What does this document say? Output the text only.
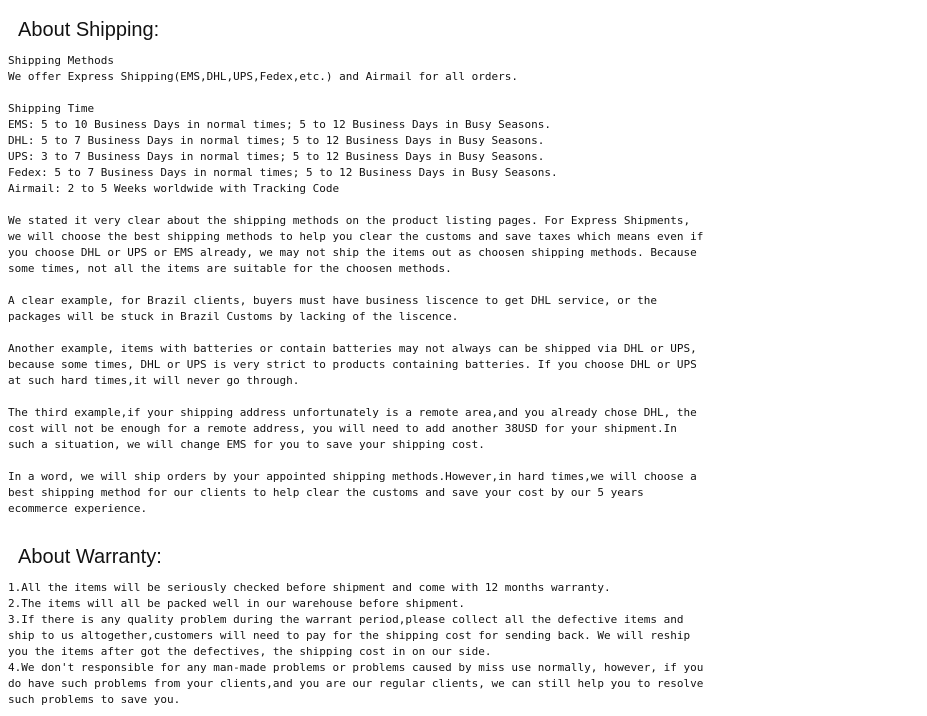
About Shipping:
Shipping Methods
We offer Express Shipping(EMS,DHL,UPS,Fedex,etc.) and Airmail for all orders.
Shipping Time
EMS: 5 to 10 Business Days in normal times; 5 to 12 Business Days in Busy Seasons.
DHL: 5 to 7 Business Days in normal times; 5 to 12 Business Days in Busy Seasons.
UPS: 3 to 7 Business Days in normal times; 5 to 12 Business Days in Busy Seasons.
Fedex: 5 to 7 Business Days in normal times; 5 to 12 Business Days in Busy Seasons.
Airmail: 2 to 5 Weeks worldwide with Tracking Code
We stated it very clear about the shipping methods on the product listing pages. For Express Shipments,
we will choose the best shipping methods to help you clear the customs and save taxes which means even if
you choose DHL or UPS or EMS already, we may not ship the items out as choosen shipping methods. Because
some times, not all the items are suitable for the choosen methods.
A clear example, for Brazil clients, buyers must have business liscence to get DHL service, or the
packages will be stuck in Brazil Customs by lacking of the liscence.
Another example, items with batteries or contain batteries may not always can be shipped via DHL or UPS,
because some times, DHL or UPS is very strict to products containing batteries. If you choose DHL or UPS
at such hard times,it will never go through.
The third example,if your shipping address unfortunately is a remote area,and you already chose DHL, the
cost will not be enough for a remote address, you will need to add another 38USD for your shipment.In
such a situation, we will change EMS for you to save your shipping cost.
In a word, we will ship orders by your appointed shipping methods.However,in hard times,we will choose a
best shipping method for our clients to help clear the customs and save your cost by our 5 years
ecommerce experience.
About Warranty:
1.All the items will be seriously checked before shipment and come with 12 months warranty.
2.The items will all be packed well in our warehouse before shipment.
3.If there is any quality problem during the warrant period,please collect all the defective items and
ship to us altogether,customers will need to pay for the shipping cost for sending back. We will reship
you the items after got the defectives, the shipping cost in on our side.
4.We don't responsible for any man-made problems or problems caused by miss use normally, however, if you
do have such problems from your clients,and you are our regular clients, we can still help you to resolve
such problems to save you.
